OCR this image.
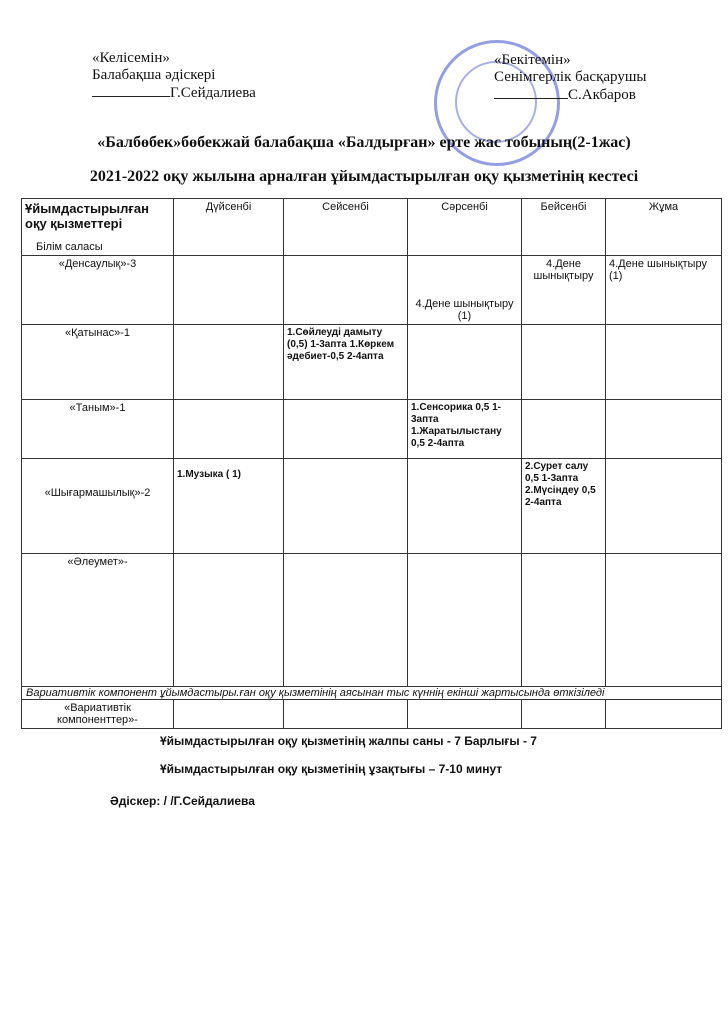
«Келісемін»
Балабақша әдіскері
Г.Сейдалиева
«Бекітемін»
Сенімгерлік басқарушы
С.Акбаров
«Балбөбек»бөбекжай балабақша «Балдырған» ерте жас тобының(2-1жас)
2021-2022 оқу жылына арналған ұйымдастырылған оқу қызметінің кестесі
Ұйымдастырылған оқу қызметтері
Білім саласы	Дүйсенбі	Сейсенбі	Сәрсенбі	Бейсенбі	Жұма
«Денсаулық»-3			4.Дене шынықтыру (1)	4.Дене шынықтыру	4.Дене шынықтыру (1)
«Қатынас»-1		1.Сөйлеуді дамыту (0,5) 1-3апта 1.Көркем әдебиет-0,5 2-4апта			
«Таным»-1			1.Сенсорика 0,5 1-3апта 1.Жаратылыстану 0,5 2-4апта		
«Шығармашылық»-2	1.Музыка ( 1)			2.Сурет салу 0,5 1-3апта 2.Мүсіндеу 0,5 2-4апта	
«Әлеумет»-					
Вариативтік компонент ұйымдастыры.ған оқу қызметінің аясынан тыс күннің екінші жартысында өткізіледі					
«Вариативтік компоненттер»-					
Ұйымдастырылған оқу қызметінің жалпы саны - 7 Барлығы - 7
Ұйымдастырылған оқу қызметінің ұзақтығы – 7-10 минут
Әдіскер: / /Г.Сейдалиева
